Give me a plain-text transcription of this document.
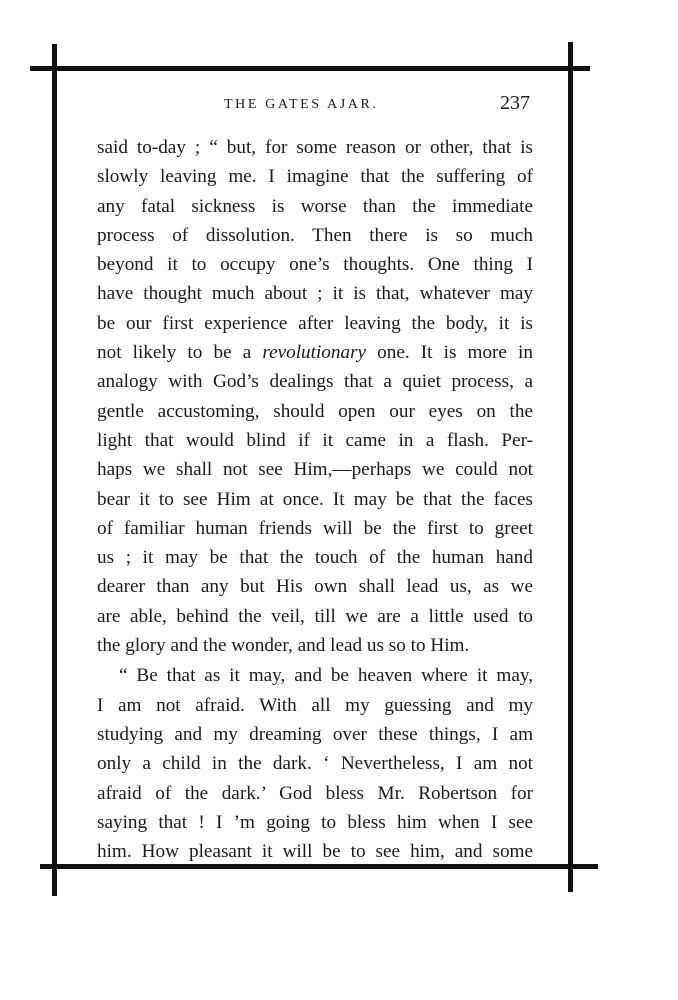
THE GATES AJAR.	237
said to-day ; “ but, for some reason or other, that is
slowly leaving me. I imagine that the suffering of
any fatal sickness is worse than the immediate
process of dissolution. Then there is so much
beyond it to occupy one’s thoughts. One thing I
have thought much about ; it is that, whatever may
be our first experience after leaving the body, it is
not likely to be a revolutionary one. It is more in
analogy with God’s dealings that a quiet process, a
gentle accustoming, should open our eyes on the
light that would blind if it came in a flash. Per-
haps we shall not see Him,—perhaps we could not
bear it to see Him at once. It may be that the faces
of familiar human friends will be the first to greet
us ; it may be that the touch of the human hand
dearer than any but His own shall lead us, as we
are able, behind the veil, till we are a little used to
the glory and the wonder, and lead us so to Him.
“ Be that as it may, and be heaven where it may,
I am not afraid. With all my guessing and my
studying and my dreaming over these things, I am
only a child in the dark. ‘ Nevertheless, I am not
afraid of the dark.’ God bless Mr. Robertson for
saying that ! I ’m going to bless him when I see
him. How pleasant it will be to see him, and some
